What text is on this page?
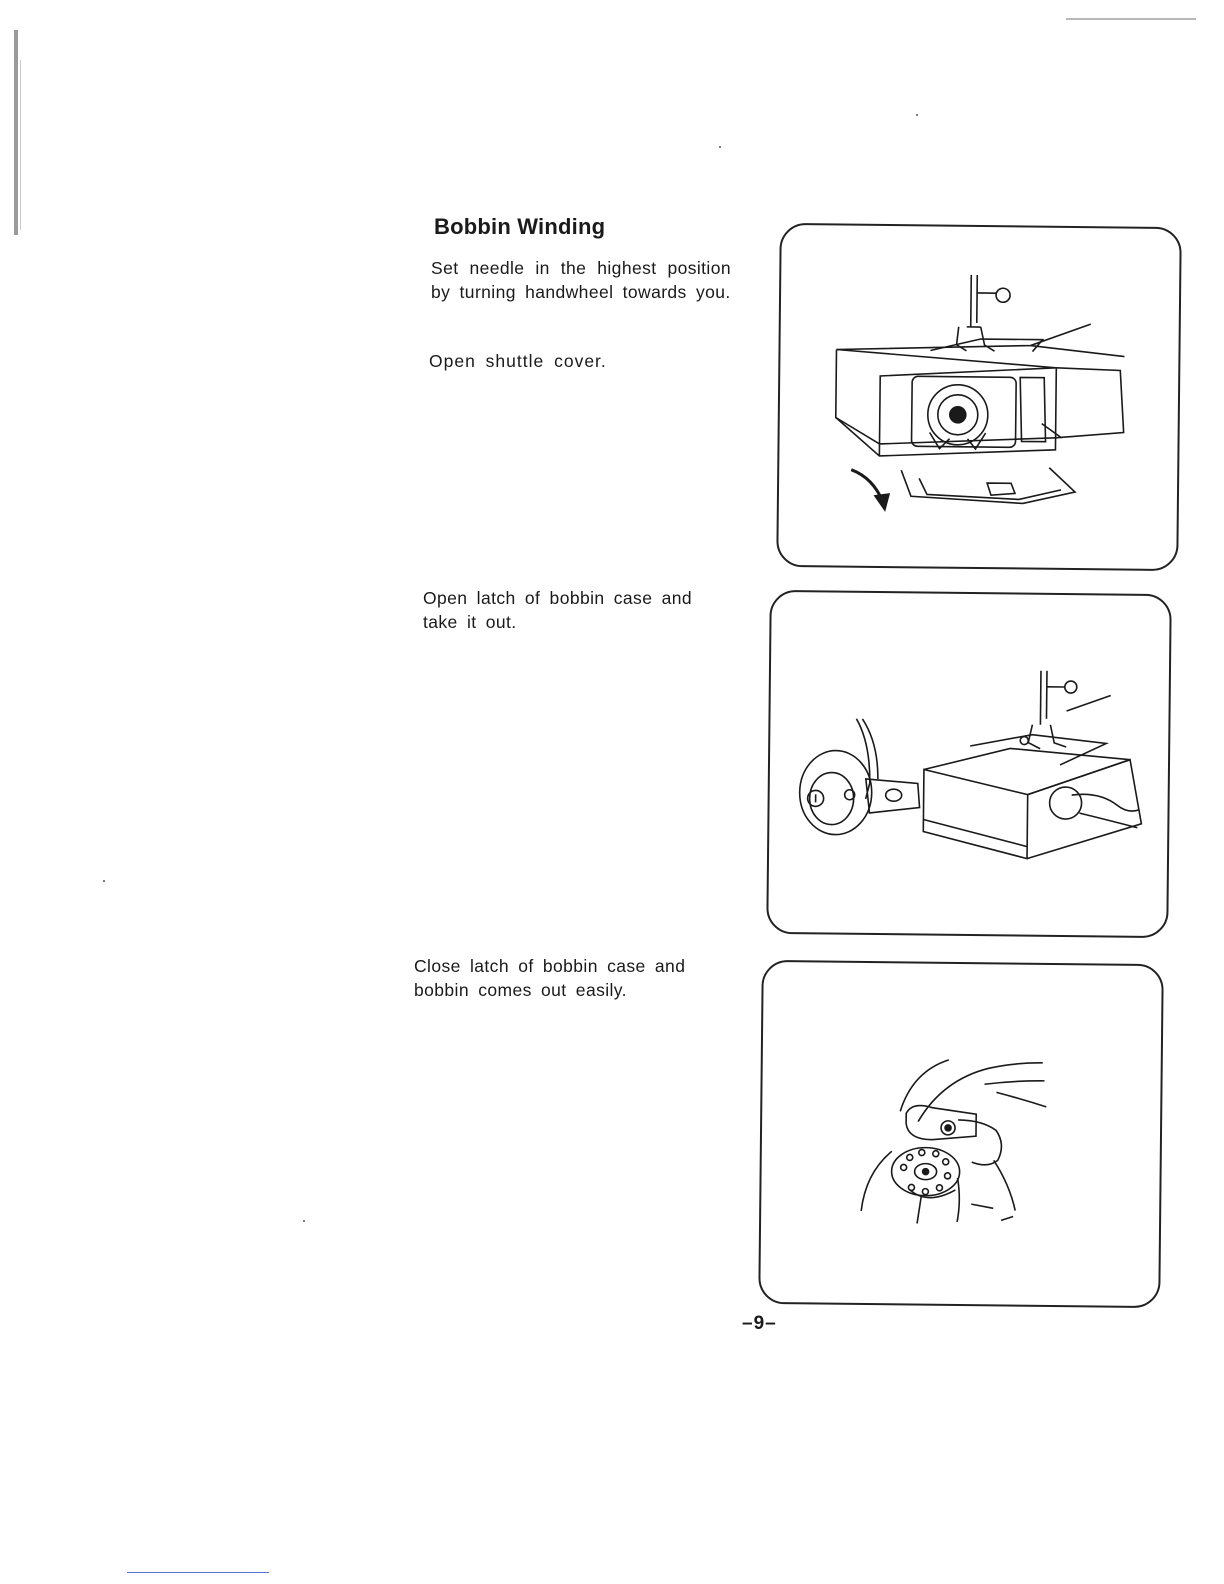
Bobbin Winding

Set needle in the highest position by turning handwheel towards you.

Open shuttle cover.

Open latch of bobbin case and take it out.

Close latch of bobbin case and bobbin comes out easily.

–9–
